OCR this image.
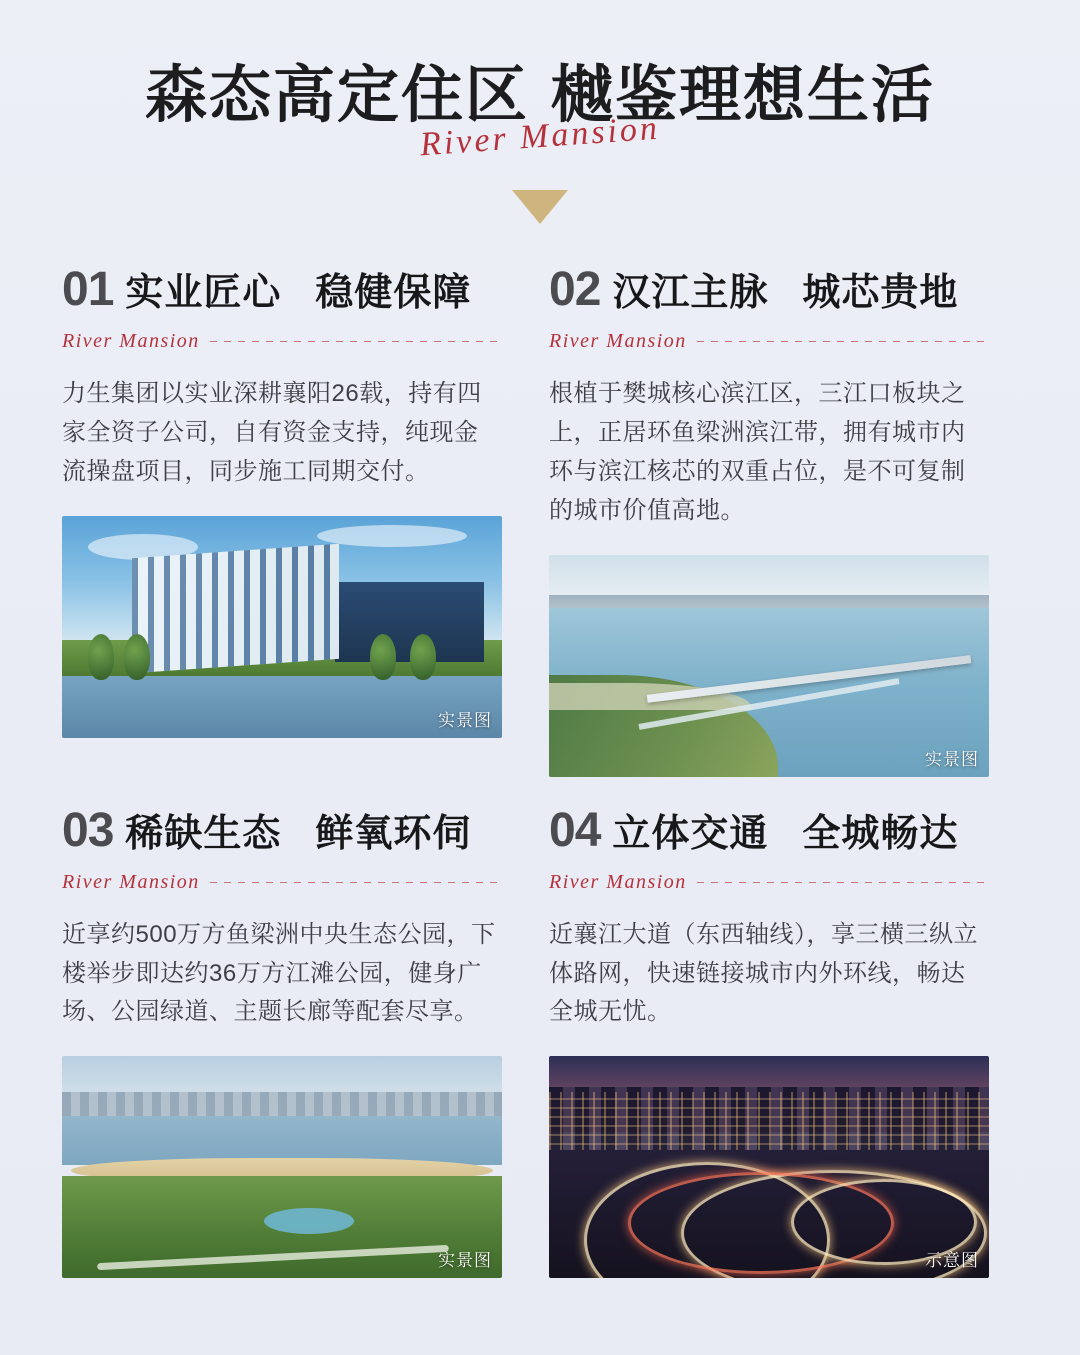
森态高定住区 樾鉴理想生活
River Mansion
01 实业匠心 稳健保障
River Mansion
力生集团以实业深耕襄阳26载，持有四家全资子公司，自有资金支持，纯现金流操盘项目，同步施工同期交付。
实景图
02 汉江主脉 城芯贵地
River Mansion
根植于樊城核心滨江区，三江口板块之上，正居环鱼梁洲滨江带，拥有城市内环与滨江核芯的双重占位，是不可复制的城市价值高地。
实景图
03 稀缺生态 鲜氧环伺
River Mansion
近享约500万方鱼梁洲中央生态公园，下楼举步即达约36万方江滩公园，健身广场、公园绿道、主题长廊等配套尽享。
实景图
04 立体交通 全城畅达
River Mansion
近襄江大道（东西轴线），享三横三纵立体路网，快速链接城市内外环线，畅达全城无忧。
示意图
